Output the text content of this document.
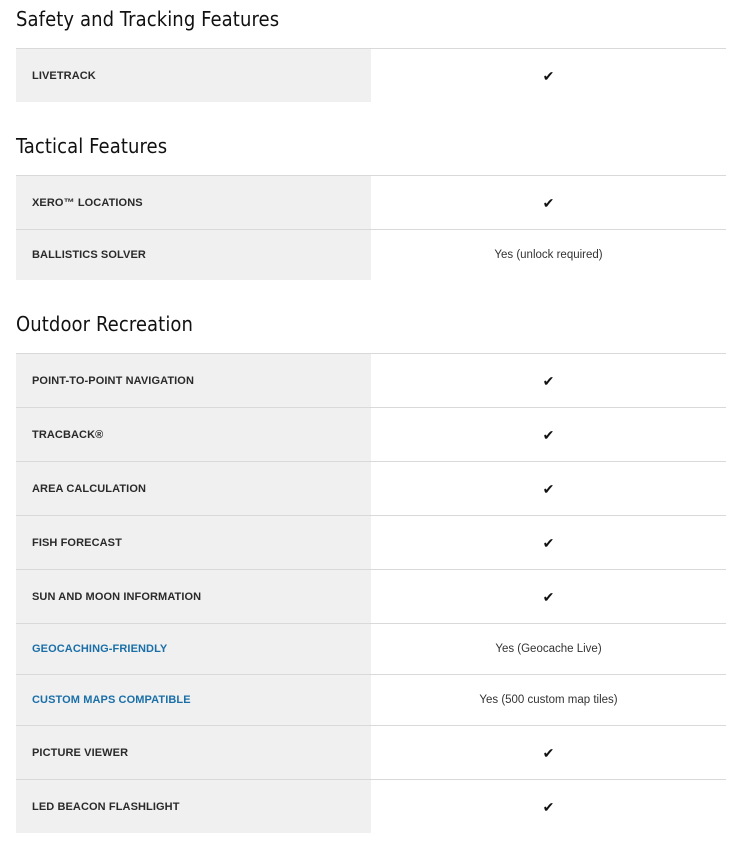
Safety and Tracking Features
LIVETRACK	✔
Tactical Features
XERO™ LOCATIONS	✔
BALLISTICS SOLVER	Yes (unlock required)
Outdoor Recreation
POINT-TO-POINT NAVIGATION	✔
TRACBACK®	✔
AREA CALCULATION	✔
FISH FORECAST	✔
SUN AND MOON INFORMATION	✔
GEOCACHING-FRIENDLY	Yes (Geocache Live)
CUSTOM MAPS COMPATIBLE	Yes (500 custom map tiles)
PICTURE VIEWER	✔
LED BEACON FLASHLIGHT	✔
